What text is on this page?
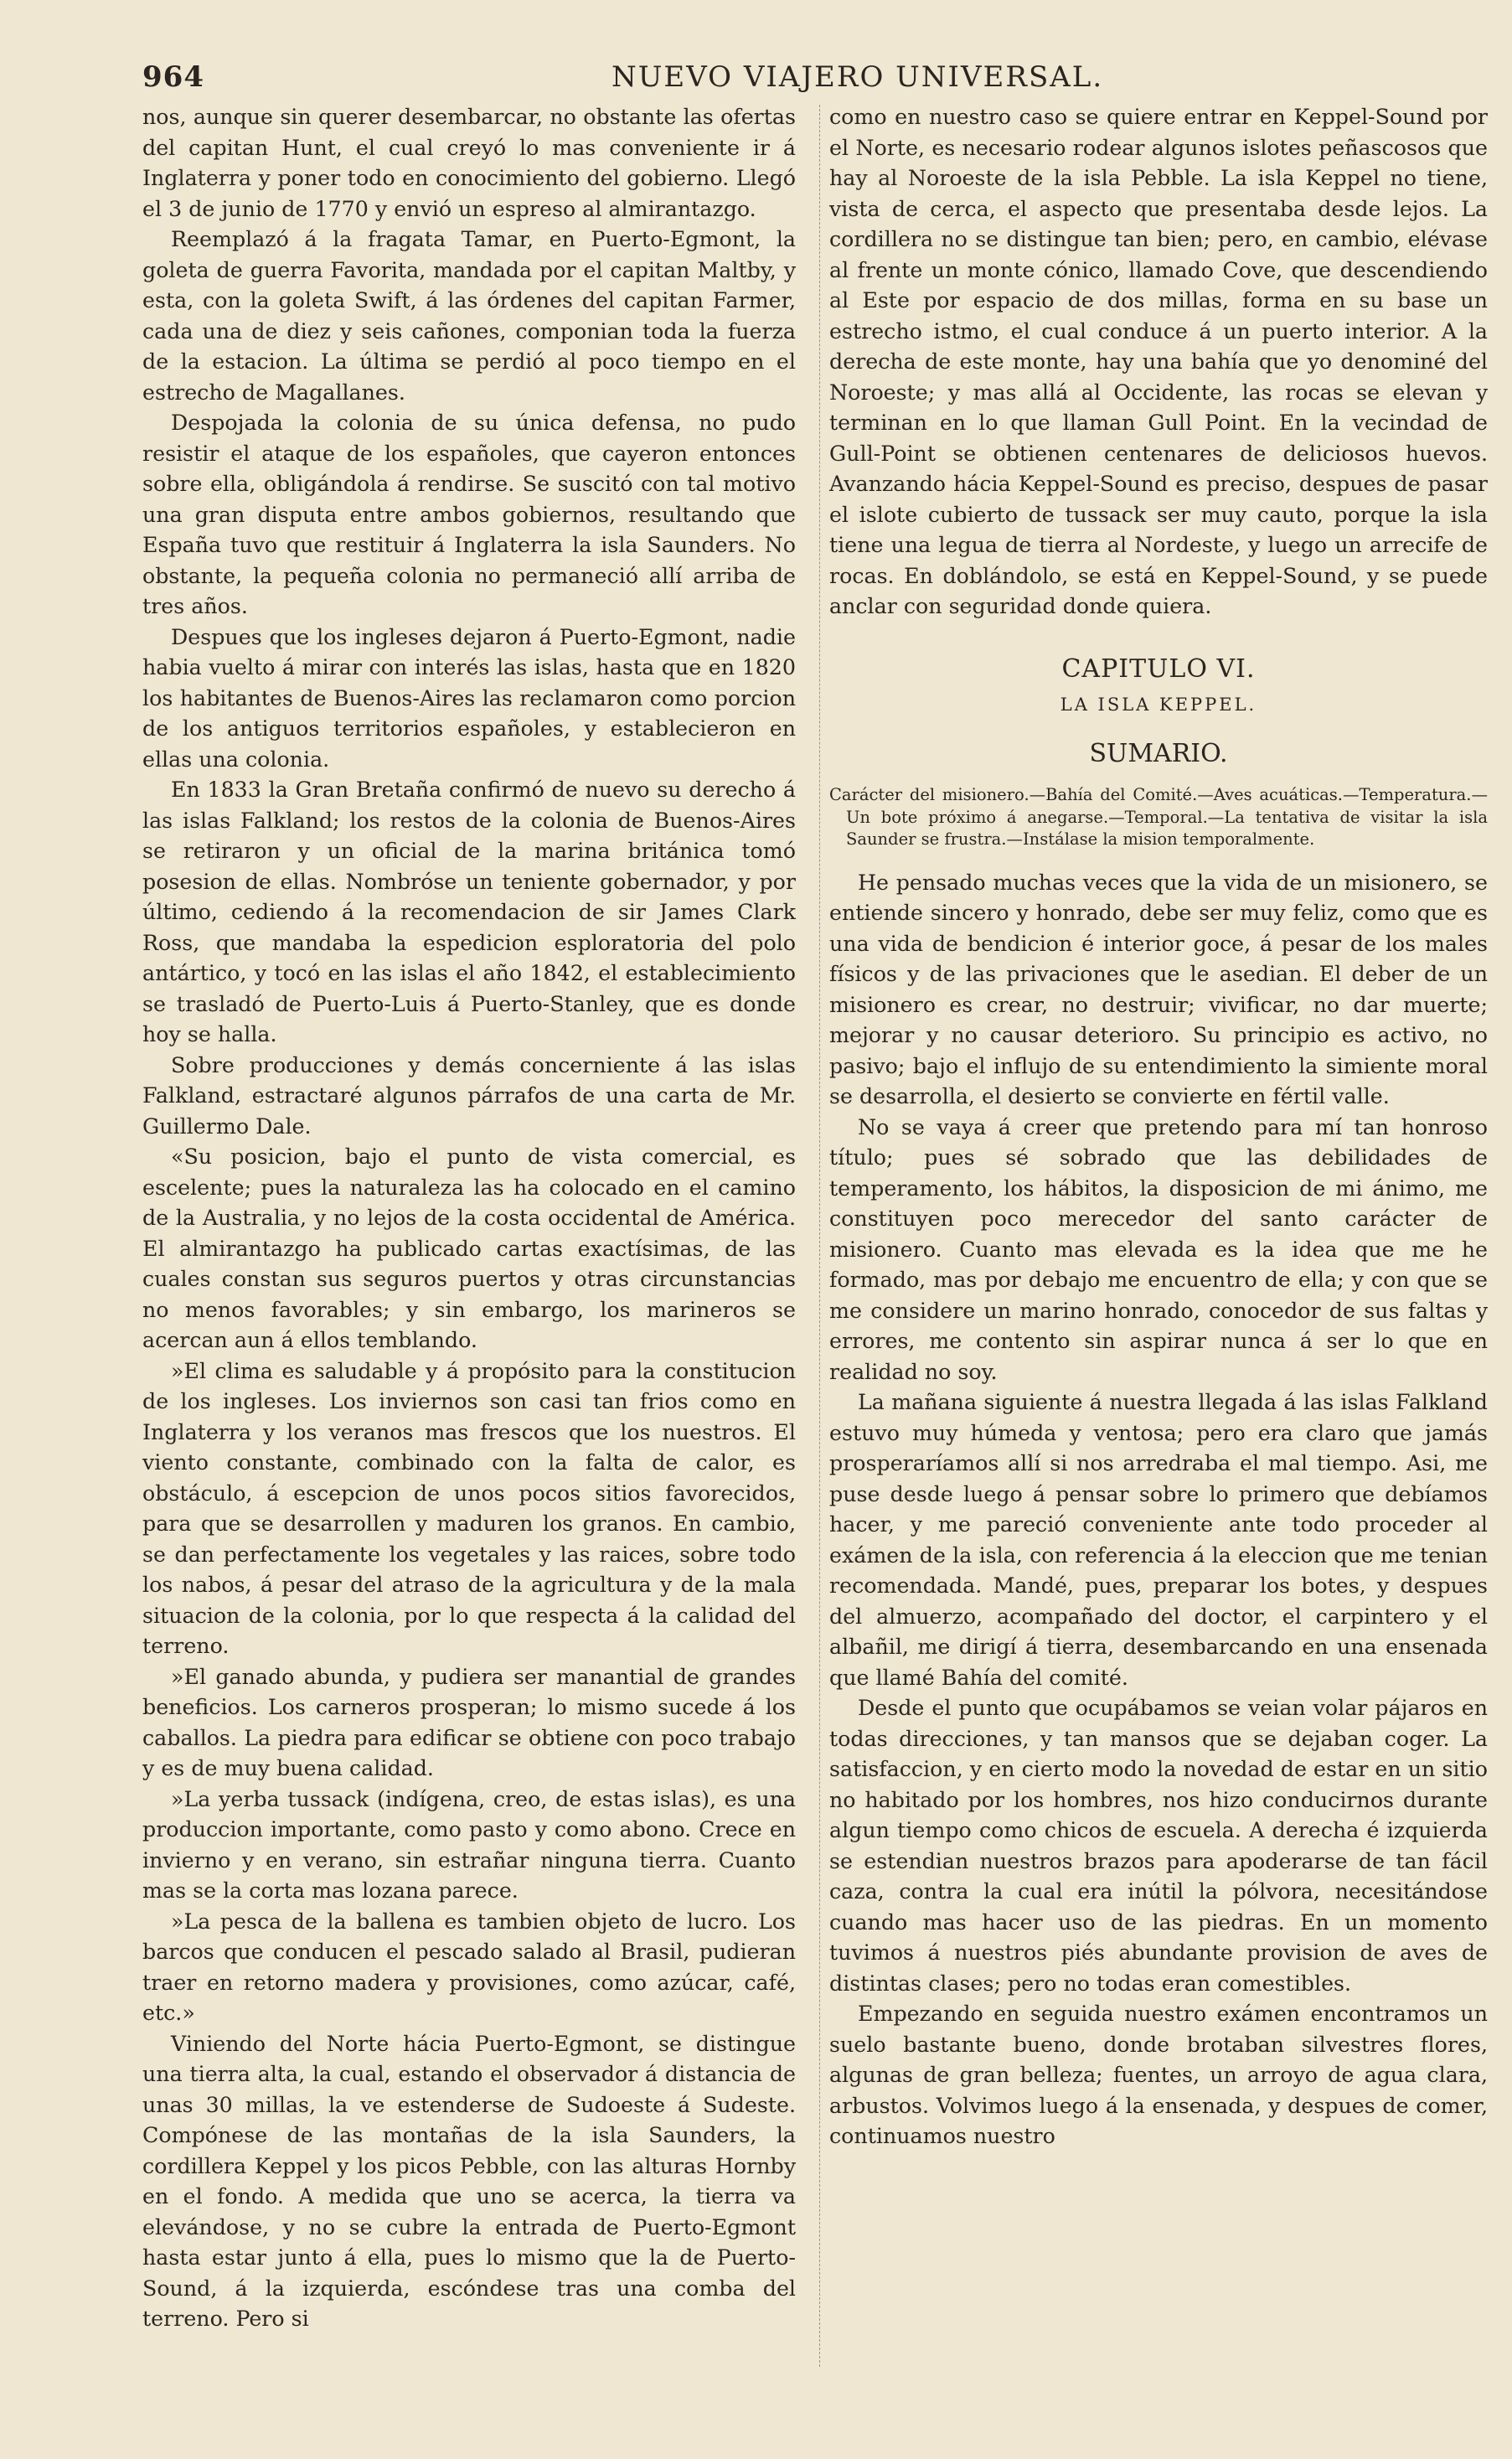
964	NUEVO VIAJERO UNIVERSAL.

nos, aunque sin querer desembarcar, no obstante las ofertas del capitan Hunt, el cual creyó lo mas conveniente ir á Inglaterra y poner todo en conocimiento del gobierno. Llegó el 3 de junio de 1770 y envió un espreso al almirantazgo.

Reemplazó á la fragata Tamar, en Puerto-Egmont, la goleta de guerra Favorita, mandada por el capitan Maltby, y esta, con la goleta Swift, á las órdenes del capitan Farmer, cada una de diez y seis cañones, componian toda la fuerza de la estacion. La última se perdió al poco tiempo en el estrecho de Magallanes.

Despojada la colonia de su única defensa, no pudo resistir el ataque de los españoles, que cayeron entonces sobre ella, obligándola á rendirse. Se suscitó con tal motivo una gran disputa entre ambos gobiernos, resultando que España tuvo que restituir á Inglaterra la isla Saunders. No obstante, la pequeña colonia no permaneció allí arriba de tres años.

Despues que los ingleses dejaron á Puerto-Egmont, nadie habia vuelto á mirar con interés las islas, hasta que en 1820 los habitantes de Buenos-Aires las reclamaron como porcion de los antiguos territorios españoles, y establecieron en ellas una colonia.

En 1833 la Gran Bretaña confirmó de nuevo su derecho á las islas Falkland; los restos de la colonia de Buenos-Aires se retiraron y un oficial de la marina británica tomó posesion de ellas. Nombróse un teniente gobernador, y por último, cediendo á la recomendacion de sir James Clark Ross, que mandaba la espedicion esploratoria del polo antártico, y tocó en las islas el año 1842, el establecimiento se trasladó de Puerto-Luis á Puerto-Stanley, que es donde hoy se halla.

Sobre producciones y demás concerniente á las islas Falkland, estractaré algunos párrafos de una carta de Mr. Guillermo Dale.

«Su posicion, bajo el punto de vista comercial, es escelente; pues la naturaleza las ha colocado en el camino de la Australia, y no lejos de la costa occidental de América. El almirantazgo ha publicado cartas exactísimas, de las cuales constan sus seguros puertos y otras circunstancias no menos favorables; y sin embargo, los marineros se acercan aun á ellos temblando.

»El clima es saludable y á propósito para la constitucion de los ingleses. Los inviernos son casi tan frios como en Inglaterra y los veranos mas frescos que los nuestros. El viento constante, combinado con la falta de calor, es obstáculo, á escepcion de unos pocos sitios favorecidos, para que se desarrollen y maduren los granos. En cambio, se dan perfectamente los vegetales y las raices, sobre todo los nabos, á pesar del atraso de la agricultura y de la mala situacion de la colonia, por lo que respecta á la calidad del terreno.

»El ganado abunda, y pudiera ser manantial de grandes beneficios. Los carneros prosperan; lo mismo sucede á los caballos. La piedra para edificar se obtiene con poco trabajo y es de muy buena calidad.

»La yerba tussack (indígena, creo, de estas islas), es una produccion importante, como pasto y como abono. Crece en invierno y en verano, sin estrañar ninguna tierra. Cuanto mas se la corta mas lozana parece.

»La pesca de la ballena es tambien objeto de lucro. Los barcos que conducen el pescado salado al Brasil, pudieran traer en retorno madera y provisiones, como azúcar, café, etc.»

Viniendo del Norte hácia Puerto-Egmont, se distingue una tierra alta, la cual, estando el observador á distancia de unas 30 millas, la ve estenderse de Sudoeste á Sudeste. Compónese de las montañas de la isla Saunders, la cordillera Keppel y los picos Pebble, con las alturas Hornby en el fondo. A medida que uno se acerca, la tierra va elevándose, y no se cubre la entrada de Puerto-Egmont hasta estar junto á ella, pues lo mismo que la de Puerto-Sound, á la izquierda, escóndese tras una comba del terreno. Pero si

como en nuestro caso se quiere entrar en Keppel-Sound por el Norte, es necesario rodear algunos islotes peñascosos que hay al Noroeste de la isla Pebble. La isla Keppel no tiene, vista de cerca, el aspecto que presentaba desde lejos. La cordillera no se distingue tan bien; pero, en cambio, elévase al frente un monte cónico, llamado Cove, que descendiendo al Este por espacio de dos millas, forma en su base un estrecho istmo, el cual conduce á un puerto interior. A la derecha de este monte, hay una bahía que yo denominé del Noroeste; y mas allá al Occidente, las rocas se elevan y terminan en lo que llaman Gull Point. En la vecindad de Gull-Point se obtienen centenares de deliciosos huevos. Avanzando hácia Keppel-Sound es preciso, despues de pasar el islote cubierto de tussack ser muy cauto, porque la isla tiene una legua de tierra al Nordeste, y luego un arrecife de rocas. En doblándolo, se está en Keppel-Sound, y se puede anclar con seguridad donde quiera.

CAPITULO VI.
LA ISLA KEPPEL.
SUMARIO.

Carácter del misionero.—Bahía del Comité.—Aves acuáticas.—Temperatura.—Un bote próximo á anegarse.—Temporal.—La tentativa de visitar la isla Saunder se frustra.—Instálase la mision temporalmente.

He pensado muchas veces que la vida de un misionero, se entiende sincero y honrado, debe ser muy feliz, como que es una vida de bendicion é interior goce, á pesar de los males físicos y de las privaciones que le asedian. El deber de un misionero es crear, no destruir; vivificar, no dar muerte; mejorar y no causar deterioro. Su principio es activo, no pasivo; bajo el influjo de su entendimiento la simiente moral se desarrolla, el desierto se convierte en fértil valle.

No se vaya á creer que pretendo para mí tan honroso título; pues sé sobrado que las debilidades de temperamento, los hábitos, la disposicion de mi ánimo, me constituyen poco merecedor del santo carácter de misionero. Cuanto mas elevada es la idea que me he formado, mas por debajo me encuentro de ella; y con que se me considere un marino honrado, conocedor de sus faltas y errores, me contento sin aspirar nunca á ser lo que en realidad no soy.

La mañana siguiente á nuestra llegada á las islas Falkland estuvo muy húmeda y ventosa; pero era claro que jamás prosperaríamos allí si nos arredraba el mal tiempo. Asi, me puse desde luego á pensar sobre lo primero que debíamos hacer, y me pareció conveniente ante todo proceder al exámen de la isla, con referencia á la eleccion que me tenian recomendada. Mandé, pues, preparar los botes, y despues del almuerzo, acompañado del doctor, el carpintero y el albañil, me dirigí á tierra, desembarcando en una ensenada que llamé Bahía del comité.

Desde el punto que ocupábamos se veian volar pájaros en todas direcciones, y tan mansos que se dejaban coger. La satisfaccion, y en cierto modo la novedad de estar en un sitio no habitado por los hombres, nos hizo conducirnos durante algun tiempo como chicos de escuela. A derecha é izquierda se estendian nuestros brazos para apoderarse de tan fácil caza, contra la cual era inútil la pólvora, necesitándose cuando mas hacer uso de las piedras. En un momento tuvimos á nuestros piés abundante provision de aves de distintas clases; pero no todas eran comestibles.

Empezando en seguida nuestro exámen encontramos un suelo bastante bueno, donde brotaban silvestres flores, algunas de gran belleza; fuentes, un arroyo de agua clara, arbustos. Volvimos luego á la ensenada, y despues de comer, continuamos nuestro
